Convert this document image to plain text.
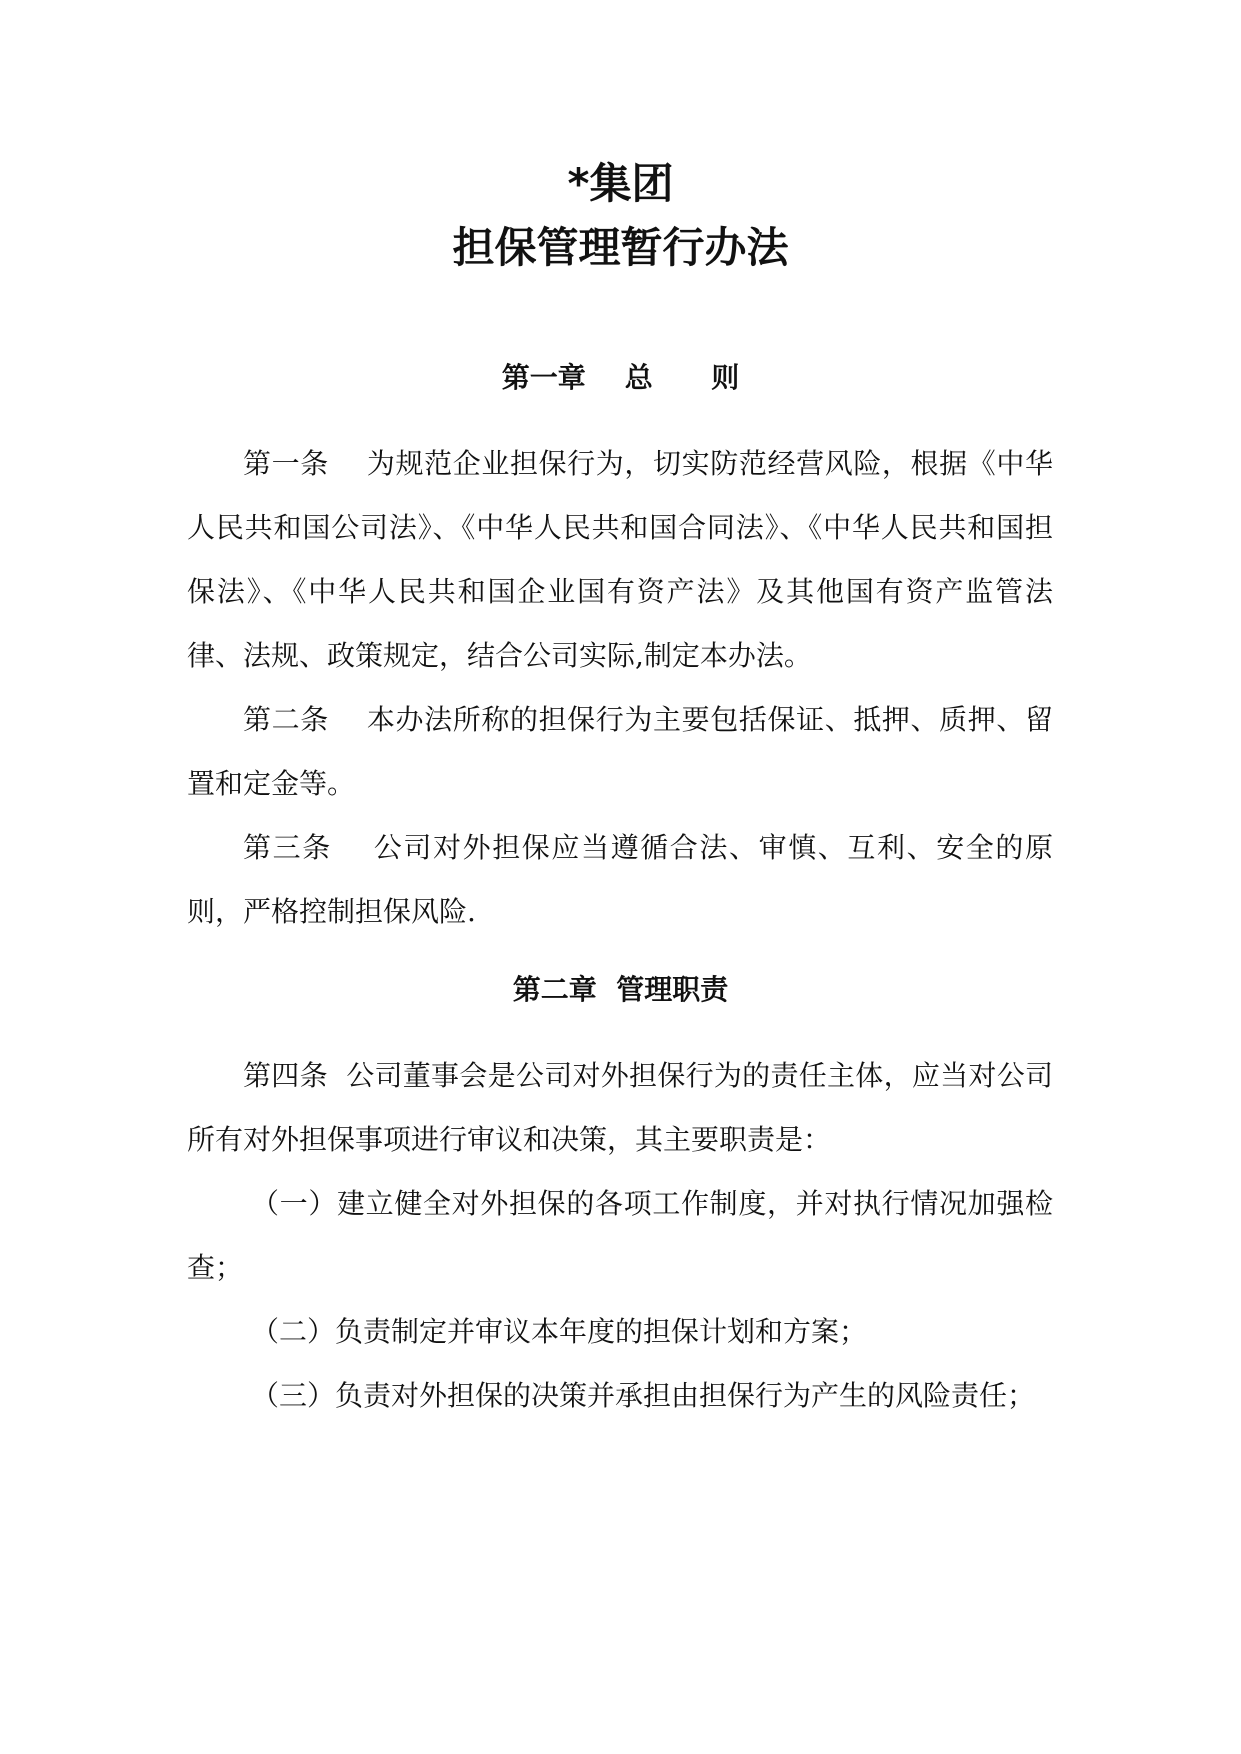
*集团
担保管理暂行办法
第一章    总      则

第一条    为规范企业担保行为，切实防范经营风险，根据《中华人民共和国公司法》、《中华人民共和国合同法》、《中华人民共和国担保法》、《中华人民共和国企业国有资产法》及其他国有资产监管法律、法规、政策规定，结合公司实际,制定本办法。

第二条    本办法所称的担保行为主要包括保证、抵押、质押、留置和定金等。

第三条    公司对外担保应当遵循合法、审慎、互利、安全的原则，严格控制担保风险.

第二章  管理职责

第四条  公司董事会是公司对外担保行为的责任主体，应当对公司所有对外担保事项进行审议和决策，其主要职责是：

（一）建立健全对外担保的各项工作制度，并对执行情况加强检查；

（二）负责制定并审议本年度的担保计划和方案；

（三）负责对外担保的决策并承担由担保行为产生的风险责任；
